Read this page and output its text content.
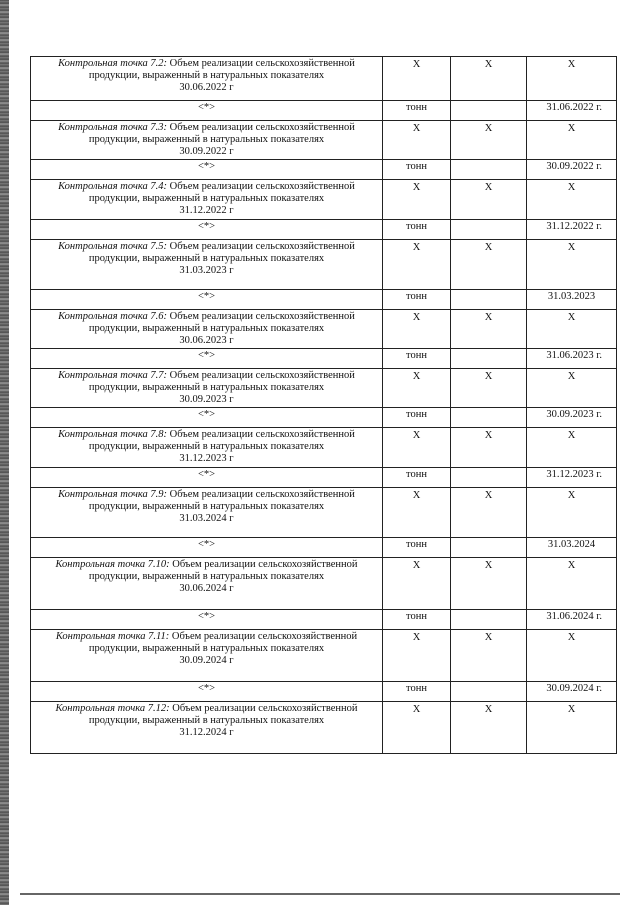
Контрольная точка 7.2: Объем реализации сельскохозяйственной продукции, выраженный в натуральных показателях
30.06.2022 г	X	X	X
<*>	тонн		31.06.2022 г.
Контрольная точка 7.3: Объем реализации сельскохозяйственной продукции, выраженный в натуральных показателях
30.09.2022 г	X	X	X
<*>	тонн		30.09.2022 г.
Контрольная точка 7.4: Объем реализации сельскохозяйственной продукции, выраженный в натуральных показателях
31.12.2022 г	X	X	X
<*>	тонн		31.12.2022 г.
Контрольная точка 7.5: Объем реализации сельскохозяйственной продукции, выраженный в натуральных показателях
31.03.2023 г	X	X	X
<*>	тонн		31.03.2023
Контрольная точка 7.6: Объем реализации сельскохозяйственной продукции, выраженный в натуральных показателях
30.06.2023 г	X	X	X
<*>	тонн		31.06.2023 г.
Контрольная точка 7.7: Объем реализации сельскохозяйственной продукции, выраженный в натуральных показателях
30.09.2023 г	X	X	X
<*>	тонн		30.09.2023 г.
Контрольная точка 7.8: Объем реализации сельскохозяйственной продукции, выраженный в натуральных показателях
31.12.2023 г	X	X	X
<*>	тонн		31.12.2023 г.
Контрольная точка 7.9: Объем реализации сельскохозяйственной продукции, выраженный в натуральных показателях
31.03.2024 г	X	X	X
<*>	тонн		31.03.2024
Контрольная точка 7.10: Объем реализации сельскохозяйственной продукции, выраженный в натуральных показателях
30.06.2024 г	X	X	X
<*>	тонн		31.06.2024 г.
Контрольная точка 7.11: Объем реализации сельскохозяйственной продукции, выраженный в натуральных показателях
30.09.2024 г	X	X	X
<*>	тонн		30.09.2024 г.
Контрольная точка 7.12: Объем реализации сельскохозяйственной продукции, выраженный в натуральных показателях
31.12.2024 г	X	X	X
